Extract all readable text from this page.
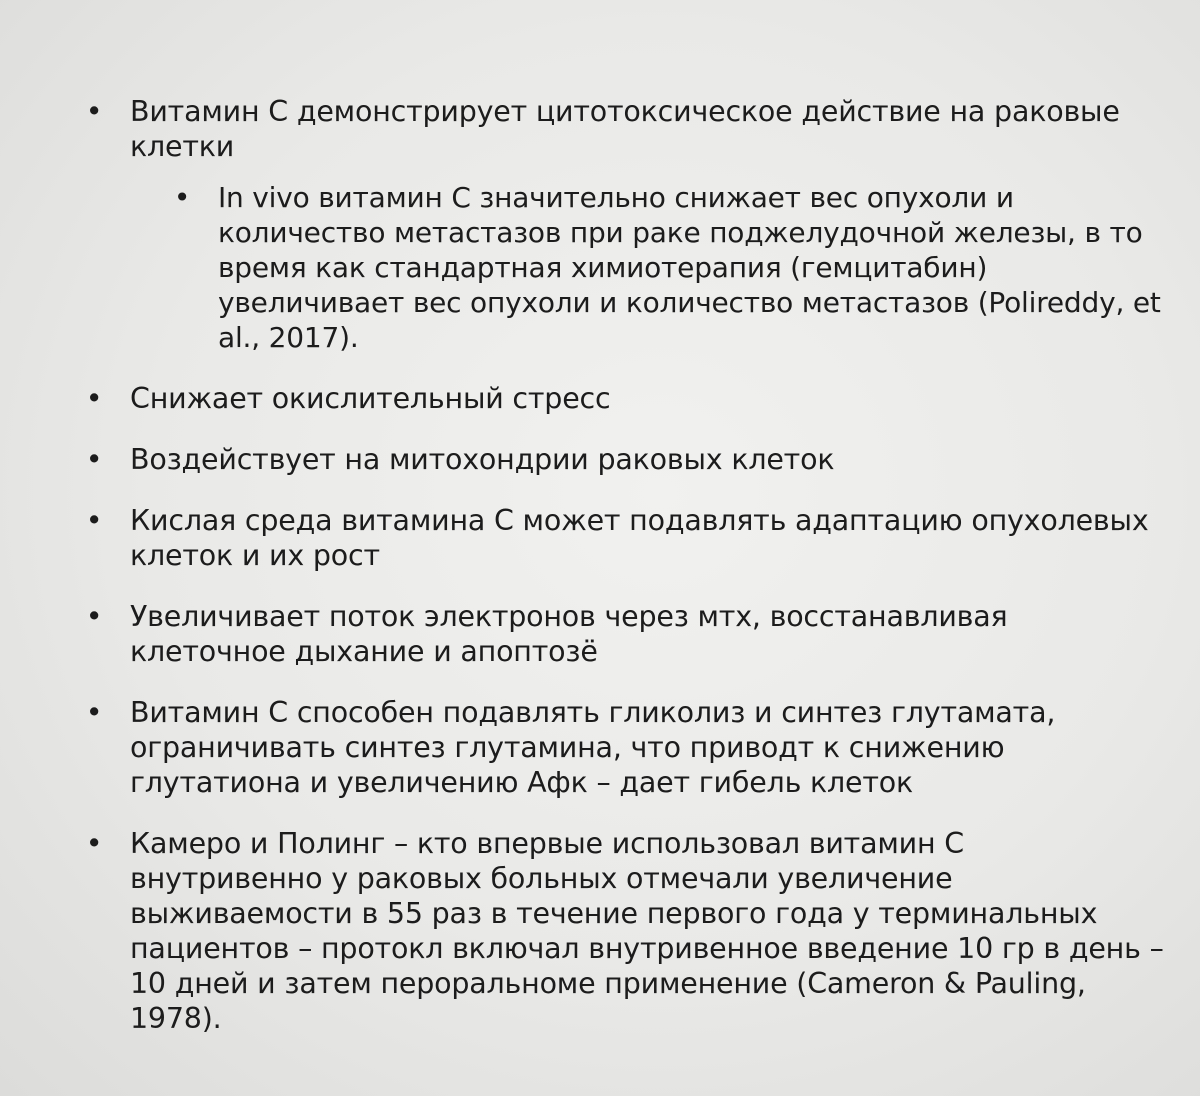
• Витамин С демонстрирует цитотоксическое действие на раковые клетки
• In vivo витамин С значительно снижает вес опухоли и количество метастазов при раке поджелудочной железы, в то время как стандартная химиотерапия (гемцитабин) увеличивает вес опухоли и количество метастазов (Polireddy, et al., 2017).
• Снижает окислительный стресс
• Воздействует на митохондрии раковых клеток
• Кислая среда витамина С может подавлять адаптацию опухолевых клеток и их рост
• Увеличивает поток электронов через мтх, восстанавливая клеточное дыхание и апоптозё
• Витамин С способен подавлять гликолиз и синтез глутамата, ограничивать синтез глутамина, что приводт к снижению глутатиона и увеличению Афк – дает гибель клеток
• Камеро и Полинг – кто впервые использовал витамин С внутривенно у раковых больных отмечали увеличение выживаемости в 55 раз в течение первого года у терминальных пациентов – протокл включал внутривенное введение 10 гр в день – 10 дней и затем пероральноме применение (Cameron & Pauling, 1978).
